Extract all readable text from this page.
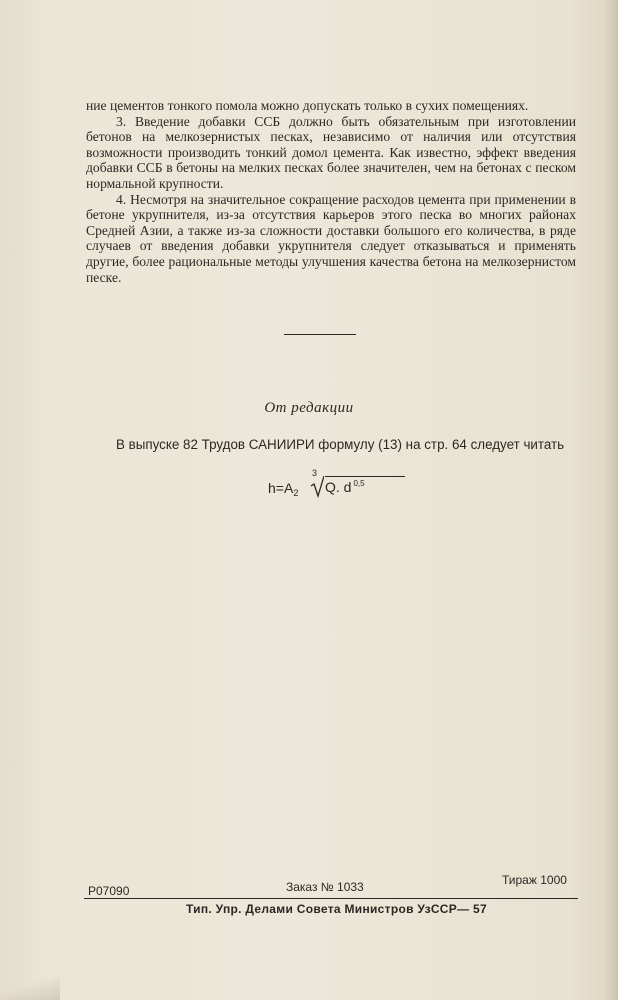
ние цементов тонкого помола можно допускать только в сухих помещениях.

3. Введение добавки ССБ должно быть обязательным при изготовлении бетонов на мелкозернистых песках, независимо от наличия или отсутствия возможности производить тонкий домол цемента. Как известно, эффект введения добавки ССБ в бетоны на мелких песках более значителен, чем на бетонах с песком нормальной крупности.

4. Несмотря на значительное сокращение расходов цемента при применении в бетоне укрупнителя, из-за отсутствия карьеров этого песка во многих районах Средней Азии, а также из-за сложности доставки большого его количества, в ряде случаев от введения добавки укрупнителя следует отказываться и применять другие, более рациональные методы улучшения качества бетона на мелкозернистом песке.

От редакции
В выпуске 82 Трудов САНИИРИ формулу (13) на стр. 64 следует читать
$h=A_2$
3
Q. d $^{0,5}$
Р07090	Заказ № 1033	Тираж 1000
Тип. Упр. Делами Совета Министров УзССР— 57
